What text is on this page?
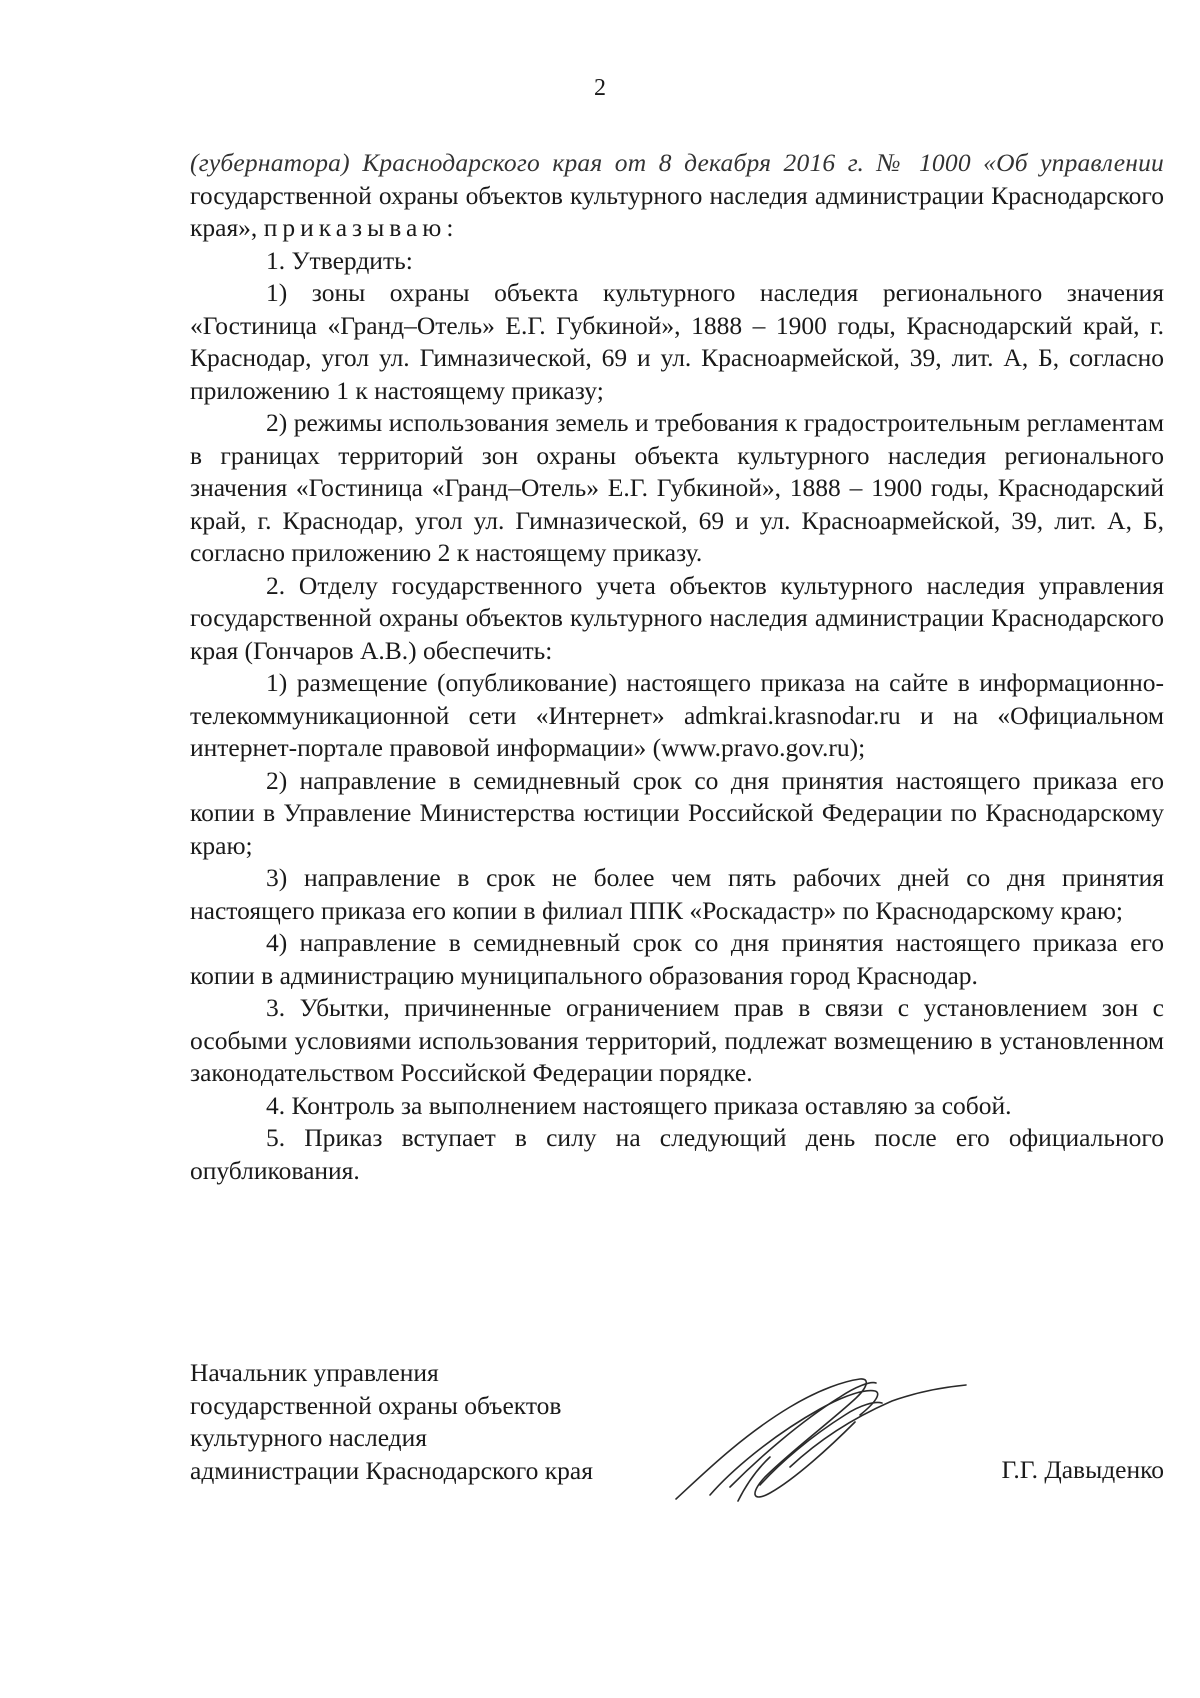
2

(губернатора) Краснодарского края от 8 декабря 2016 г. № 1000 «Об управлении государственной охраны объектов культурного наследия администрации Краснодарского края», приказываю:

1. Утвердить:

1) зоны охраны объекта культурного наследия регионального значения «Гостиница «Гранд–Отель» Е.Г. Губкиной», 1888 – 1900 годы, Краснодарский край, г. Краснодар, угол ул. Гимназической, 69 и ул. Красноармейской, 39, лит. А, Б, согласно приложению 1 к настоящему приказу;

2) режимы использования земель и требования к градостроительным регламентам в границах территорий зон охраны объекта культурного наследия регионального значения «Гостиница «Гранд–Отель» Е.Г. Губкиной», 1888 – 1900 годы, Краснодарский край, г. Краснодар, угол ул. Гимназической, 69 и ул. Красноармейской, 39, лит. А, Б, согласно приложению 2 к настоящему приказу.

2. Отделу государственного учета объектов культурного наследия управления государственной охраны объектов культурного наследия администрации Краснодарского края (Гончаров А.В.) обеспечить:

1) размещение (опубликование) настоящего приказа на сайте в информационно-телекоммуникационной сети «Интернет» admkrai.krasnodar.ru и на «Официальном интернет-портале правовой информации» (www.pravo.gov.ru);

2) направление в семидневный срок со дня принятия настоящего приказа его копии в Управление Министерства юстиции Российской Федерации по Краснодарскому краю;

3) направление в срок не более чем пять рабочих дней со дня принятия настоящего приказа его копии в филиал ППК «Роскадастр» по Краснодарскому краю;

4) направление в семидневный срок со дня принятия настоящего приказа его копии в администрацию муниципального образования город Краснодар.

3. Убытки, причиненные ограничением прав в связи с установлением зон с особыми условиями использования территорий, подлежат возмещению в установленном законодательством Российской Федерации порядке.

4. Контроль за выполнением настоящего приказа оставляю за собой.

5. Приказ вступает в силу на следующий день после его официального опубликования.

Начальник управления
государственной охраны объектов
культурного наследия
администрации Краснодарского края	Г.Г. Давыденко
